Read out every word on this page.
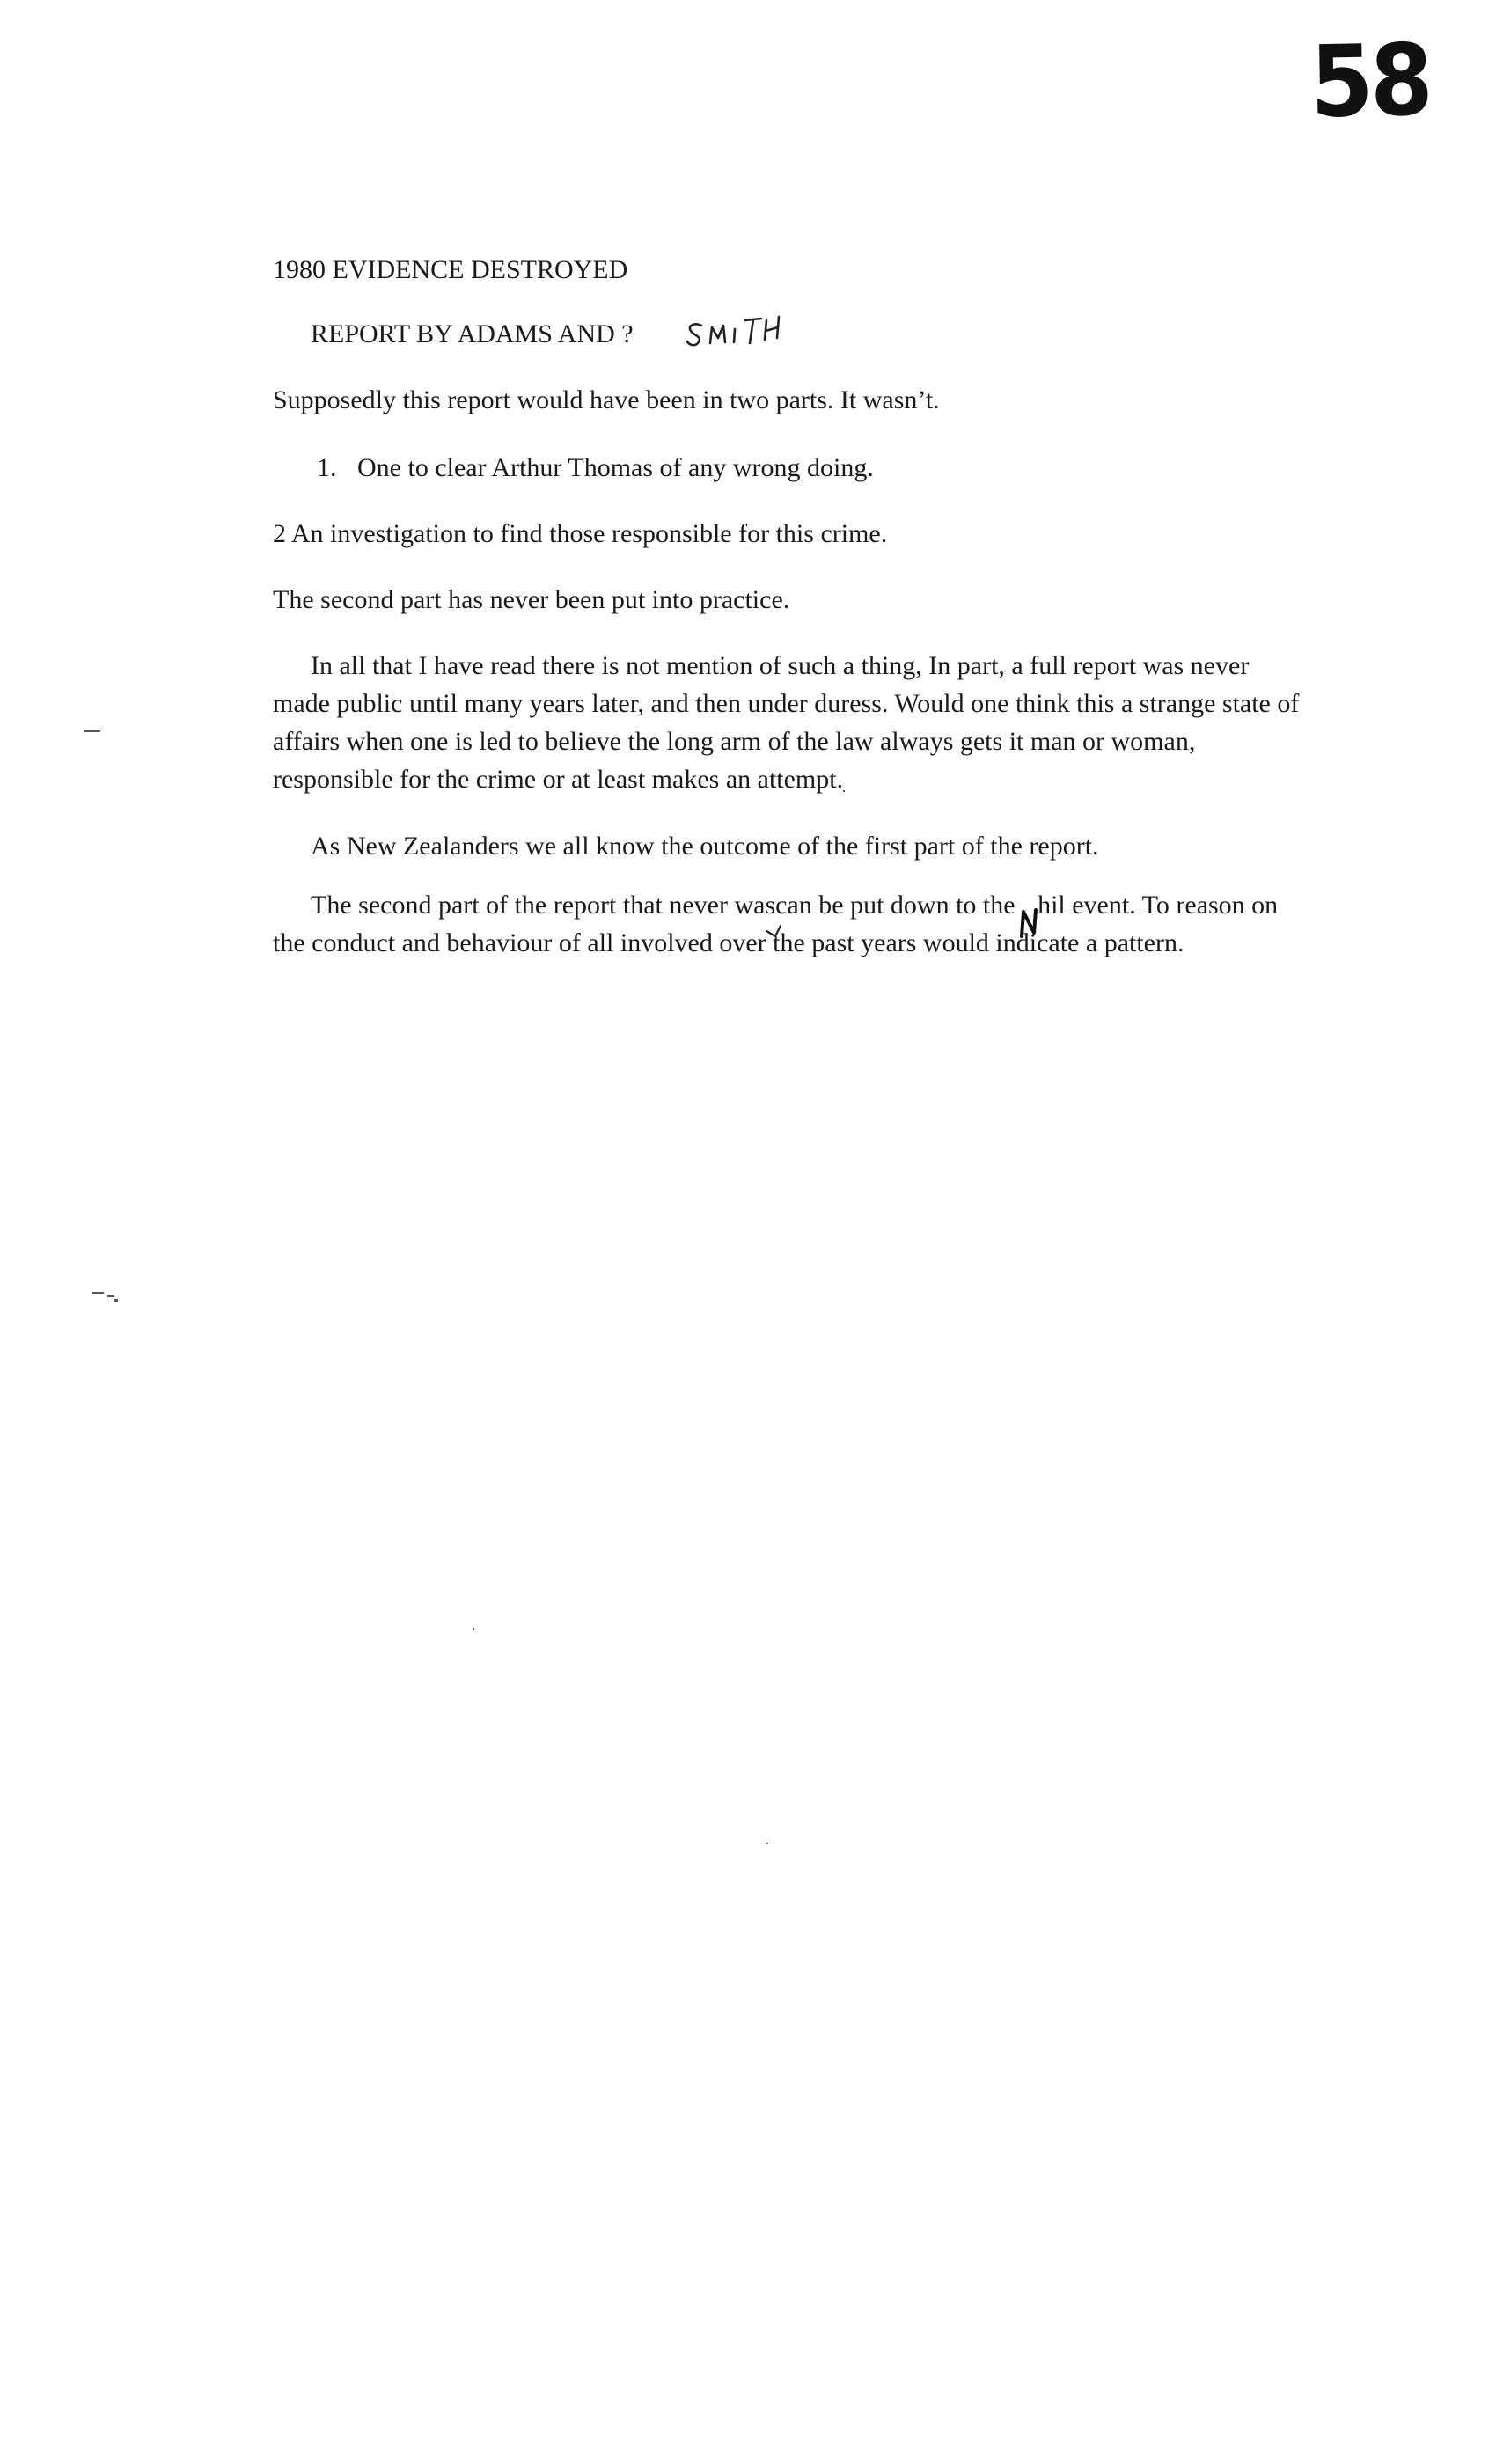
58

1980 EVIDENCE DESTROYED

REPORT BY ADAMS AND ?

Supposedly this report would have been in two parts. It wasn’t.

1. One to clear Arthur Thomas of any wrong doing.

2 An investigation to find those responsible for this crime.

The second part has never been put into practice.

In all that I have read there is not mention of such a thing, In part, a full report was never made public until many years later, and then under duress. Would one think this a strange state of affairs when one is led to believe the long arm of the law always gets it man or woman, responsible for the crime or at least makes an attempt.

As New Zealanders we all know the outcome of the first part of the report.

The second part of the report that never was
can be put down to the
hil event. To reason on the conduct and behaviour of all involved over the past years would indicate a pattern.
